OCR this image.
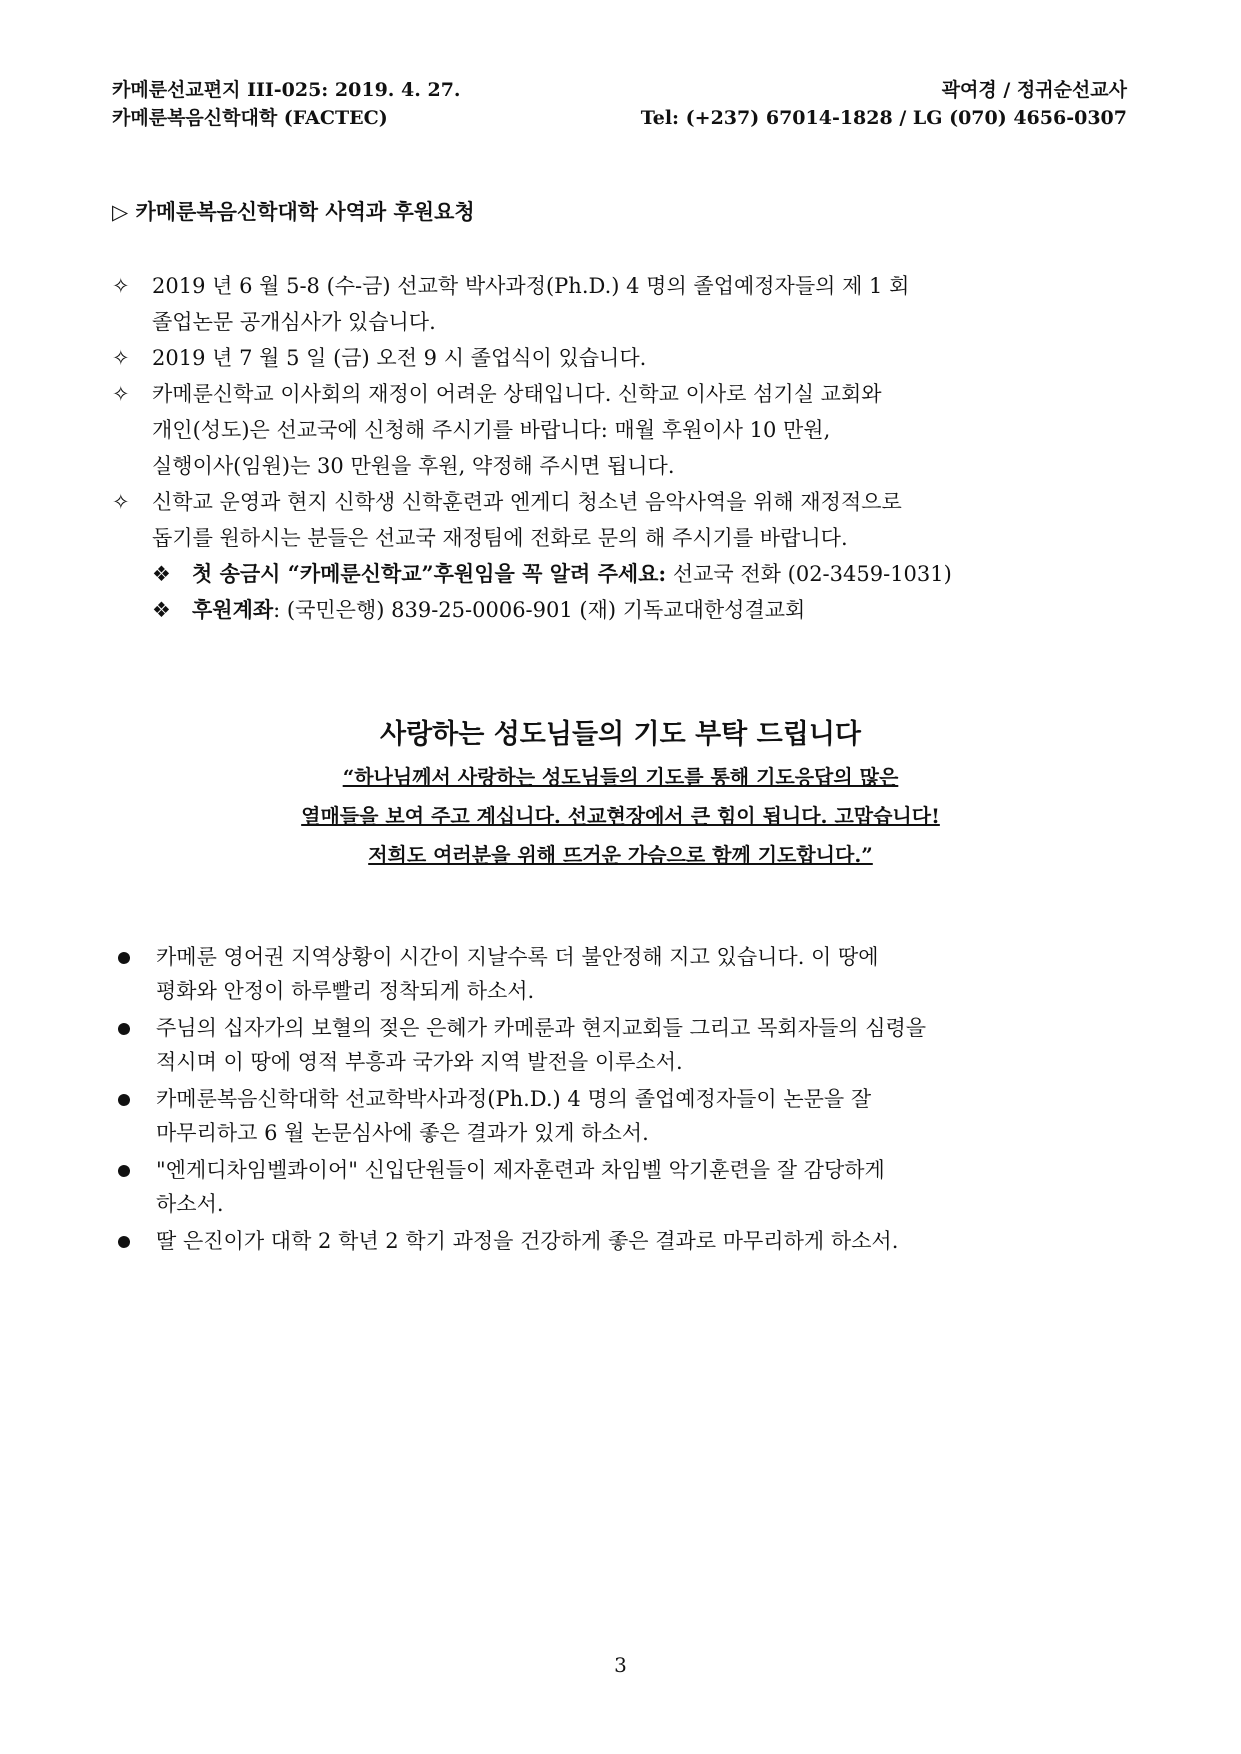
카메룬선교편지 III-025: 2019. 4. 27.
카메룬복음신학대학 (FACTEC)
곽여경 / 정귀순선교사
Tel: (+237) 67014-1828 / LG (070) 4656-0307
▷ 카메룬복음신학대학 사역과 후원요청
✧ 2019 년 6 월 5-8 (수-금) 선교학 박사과정(Ph.D.) 4 명의 졸업예정자들의 제 1 회
졸업논문 공개심사가 있습니다.
✧ 2019 년 7 월 5 일 (금) 오전 9 시 졸업식이 있습니다.
✧ 카메룬신학교 이사회의 재정이 어려운 상태입니다. 신학교 이사로 섬기실 교회와
개인(성도)은 선교국에 신청해 주시기를 바랍니다: 매월 후원이사 10 만원,
실행이사(임원)는 30 만원을 후원, 약정해 주시면 됩니다.
✧ 신학교 운영과 현지 신학생 신학훈련과 엔게디 청소년 음악사역을 위해 재정적으로
돕기를 원하시는 분들은 선교국 재정팀에 전화로 문의 해 주시기를 바랍니다.
❖ 첫 송금시 “카메룬신학교”후원임을 꼭 알려 주세요: 선교국 전화 (02-3459-1031)
❖ 후원계좌: (국민은행) 839-25-0006-901 (재) 기독교대한성결교회
사랑하는 성도님들의 기도 부탁 드립니다
“하나님께서 사랑하는 성도님들의 기도를 통해 기도응답의 많은
열매들을 보여 주고 계십니다. 선교현장에서 큰 힘이 됩니다. 고맙습니다!
저희도 여러분을 위해 뜨거운 가슴으로 함께 기도합니다.”
카메룬 영어권 지역상황이 시간이 지날수록 더 불안정해 지고 있습니다. 이 땅에
평화와 안정이 하루빨리 정착되게 하소서.
주님의 십자가의 보혈의 젖은 은혜가 카메룬과 현지교회들 그리고 목회자들의 심령을
적시며 이 땅에 영적 부흥과 국가와 지역 발전을 이루소서.
카메룬복음신학대학 선교학박사과정(Ph.D.) 4 명의 졸업예정자들이 논문을 잘
마무리하고 6 월 논문심사에 좋은 결과가 있게 하소서.
"엔게디차임벨콰이어" 신입단원들이 제자훈련과 차임벨 악기훈련을 잘 감당하게
하소서.
딸 은진이가 대학 2 학년 2 학기 과정을 건강하게 좋은 결과로 마무리하게 하소서.
3
